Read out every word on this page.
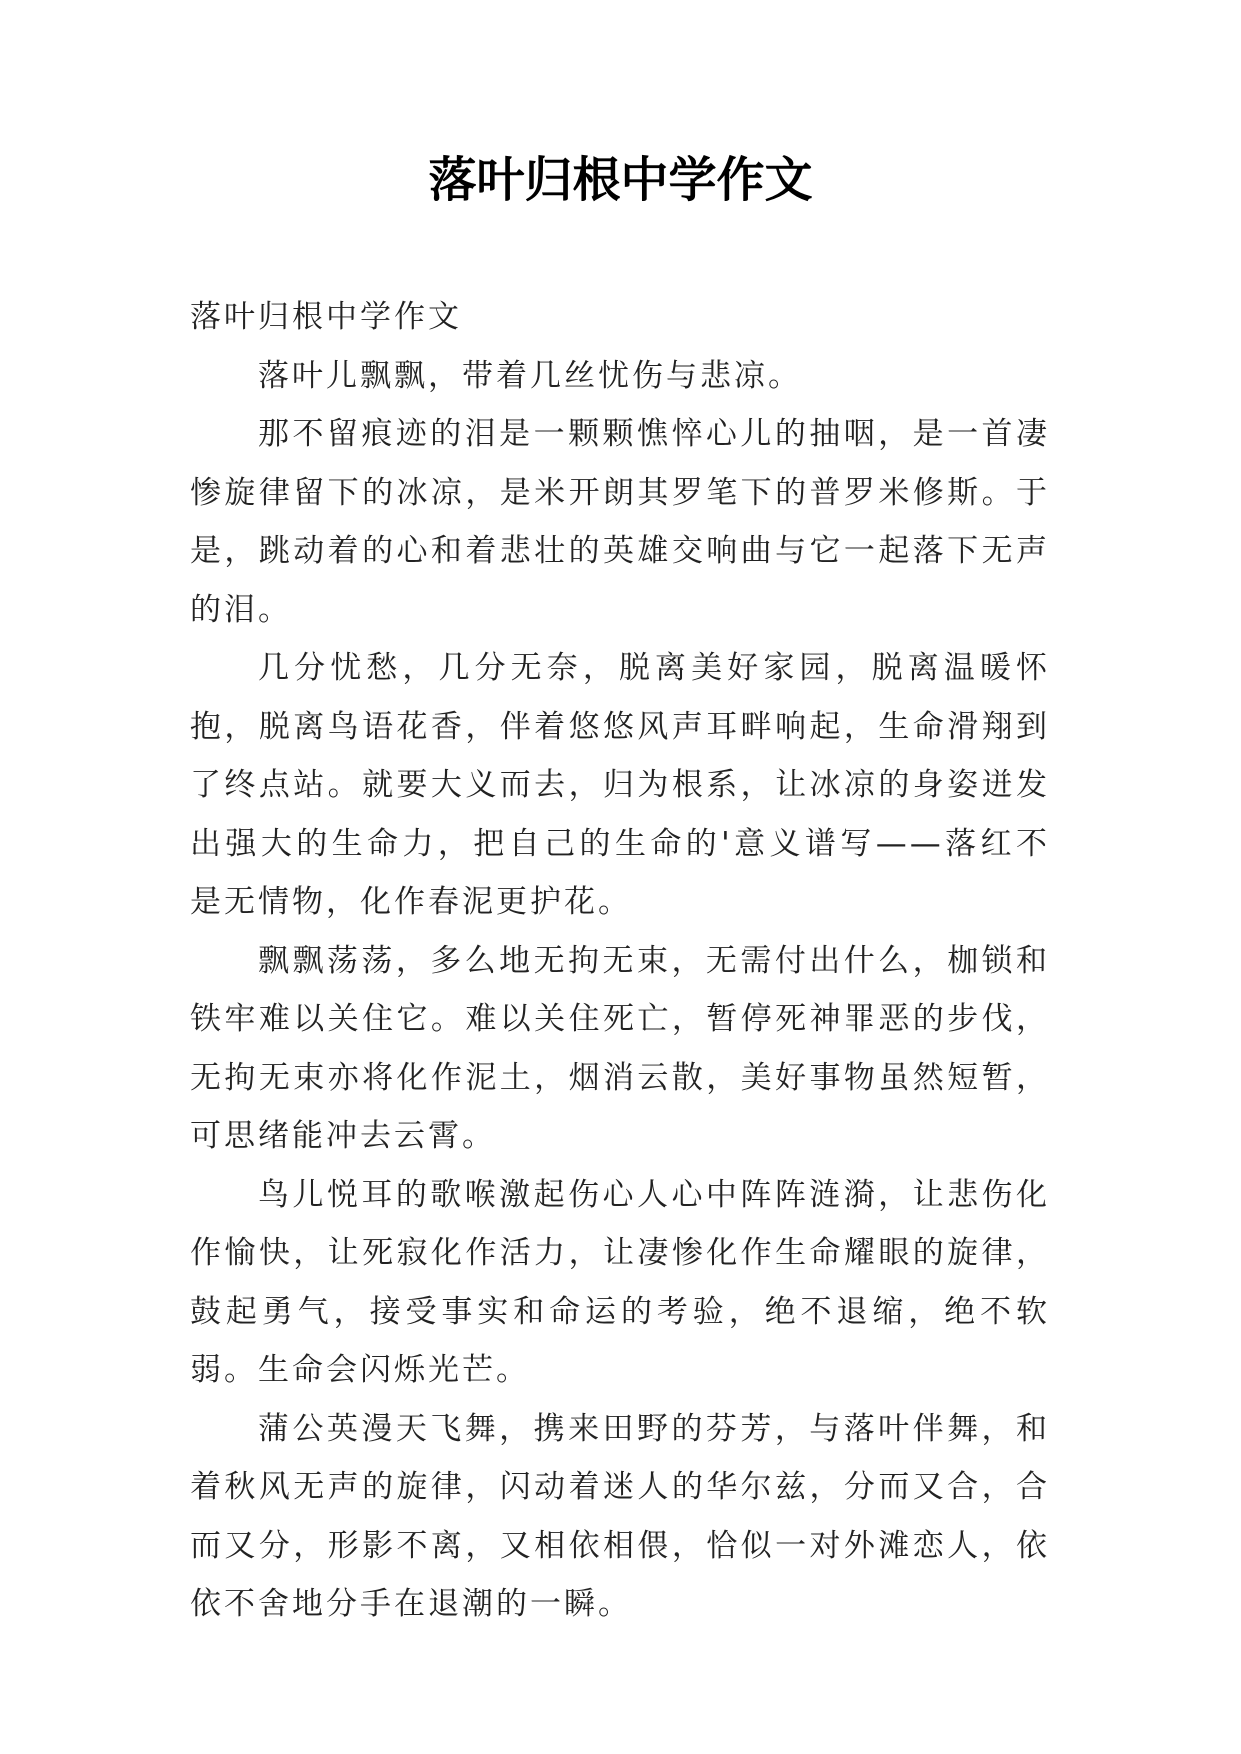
落叶归根中学作文

落叶归根中学作文

落叶儿飘飘，带着几丝忧伤与悲凉。

那不留痕迹的泪是一颗颗憔悴心儿的抽咽，是一首凄惨旋律留下的冰凉，是米开朗其罗笔下的普罗米修斯。于是，跳动着的心和着悲壮的英雄交响曲与它一起落下无声的泪。

几分忧愁，几分无奈，脱离美好家园，脱离温暖怀抱，脱离鸟语花香，伴着悠悠风声耳畔响起，生命滑翔到了终点站。就要大义而去，归为根系，让冰凉的身姿迸发出强大的生命力，把自己的生命的'意义谱写——落红不是无情物，化作春泥更护花。

飘飘荡荡，多么地无拘无束，无需付出什么，枷锁和铁牢难以关住它。难以关住死亡，暂停死神罪恶的步伐，无拘无束亦将化作泥土，烟消云散，美好事物虽然短暂，可思绪能冲去云霄。

鸟儿悦耳的歌喉激起伤心人心中阵阵涟漪，让悲伤化作愉快，让死寂化作活力，让凄惨化作生命耀眼的旋律，鼓起勇气，接受事实和命运的考验，绝不退缩，绝不软弱。生命会闪烁光芒。

蒲公英漫天飞舞，携来田野的芬芳，与落叶伴舞，和着秋风无声的旋律，闪动着迷人的华尔兹，分而又合，合而又分，形影不离，又相依相偎，恰似一对外滩恋人，依依不舍地分手在退潮的一瞬。
